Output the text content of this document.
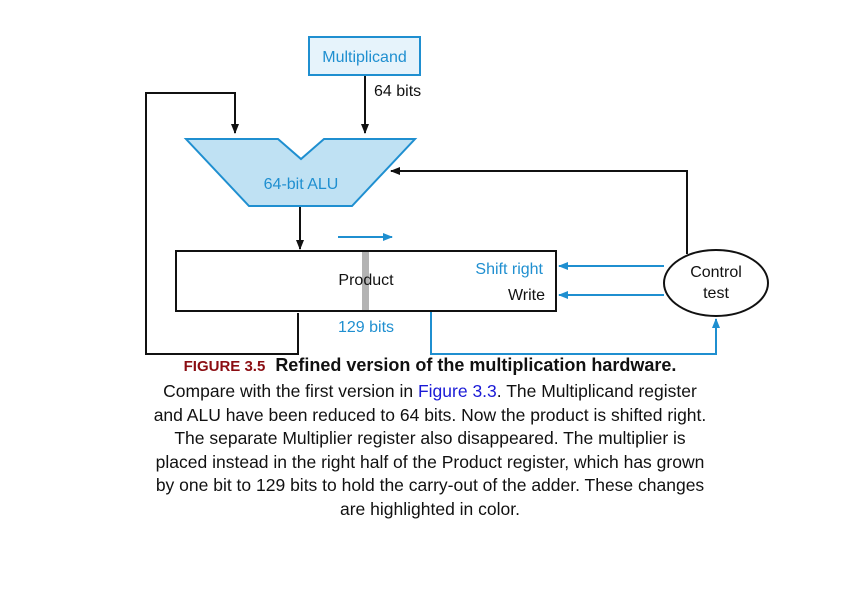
Multiplicand
64 bits
64-bit ALU
Product
Shift right
Write
129 bits
Control
test
FIGURE 3.5 Refined version of the multiplication hardware.
Compare with the first version in Figure 3.3. The Multiplicand register and ALU have been reduced to 64 bits. Now the product is shifted right. The separate Multiplier register also disappeared. The multiplier is placed instead in the right half of the Product register, which has grown by one bit to 129 bits to hold the carry-out of the adder. These changes are highlighted in color.
